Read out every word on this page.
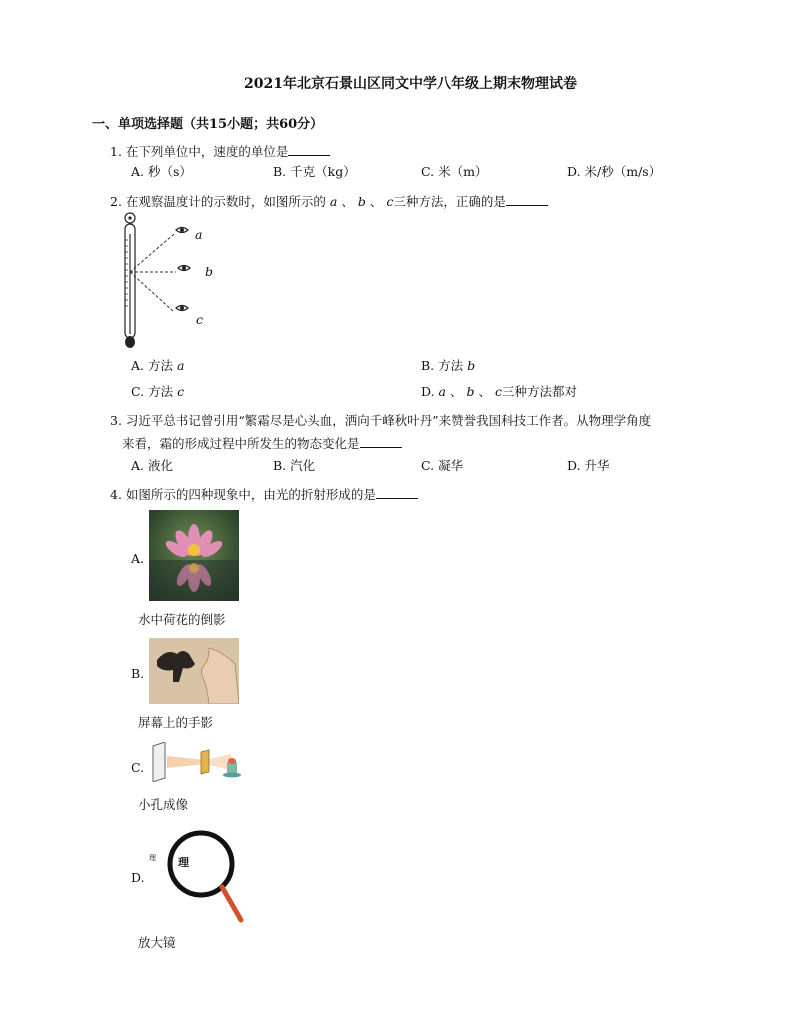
2021年北京石景山区同文中学八年级上期末物理试卷
一、单项选择题（共15小题；共60分）
1. 在下列单位中，速度的单位是
A. 秒（s）	B. 千克（kg）	C. 米（m）	D. 米/秒（m/s）
2. 在观察温度计的示数时，如图所示的 a 、 b 、 c三种方法，正确的是
a
b
c
A. 方法 a	B. 方法 b
C. 方法 c	D. a 、 b 、 c三种方法都对
3. 习近平总书记曾引用“繁霜尽是心头血，洒向千峰秋叶丹”来赞誉我国科技工作者。从物理学角度
来看，霜的形成过程中所发生的物态变化是
A. 液化	B. 汽化	C. 凝华	D. 升华
4. 如图所示的四种现象中，由光的折射形成的是
A.
水中荷花的倒影
B.
屏幕上的手影
C.
小孔成像
D.
理 理
放大镜
